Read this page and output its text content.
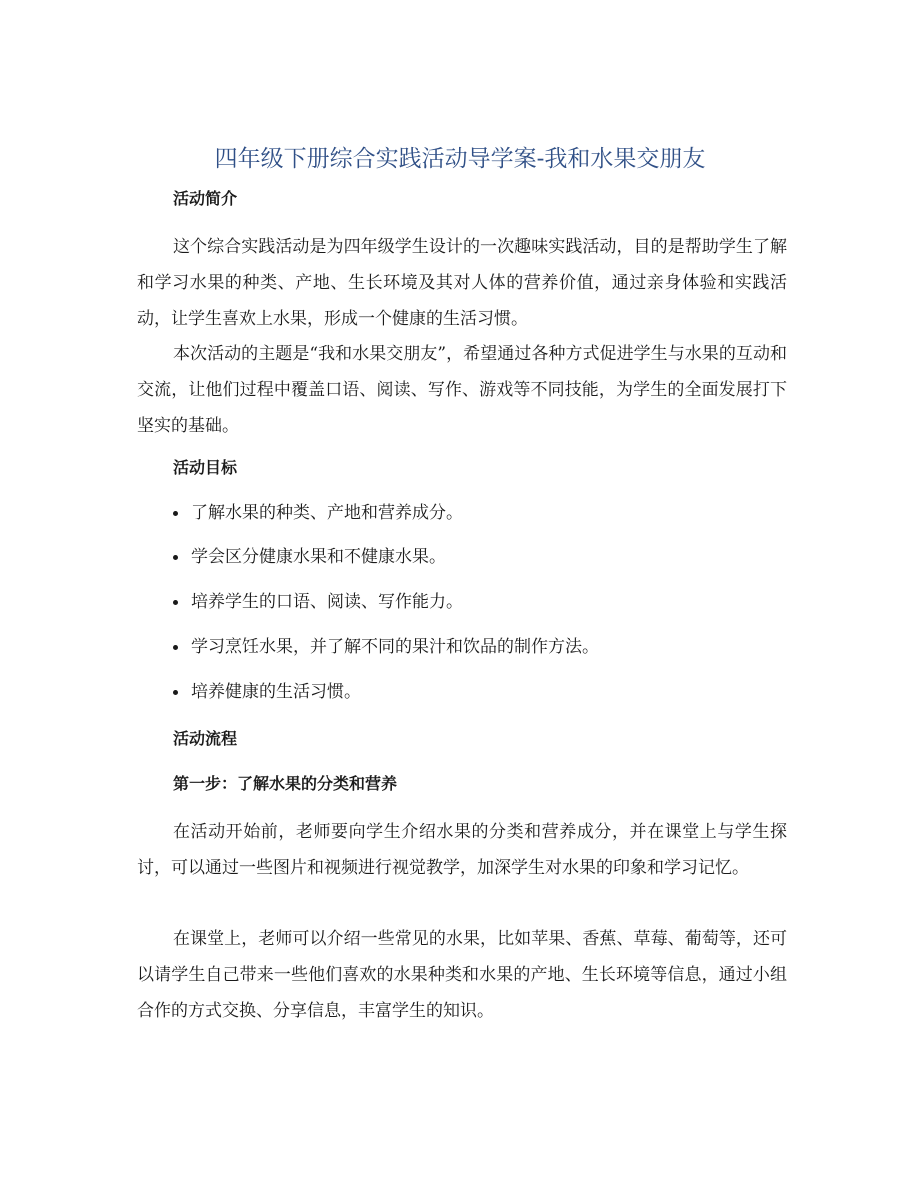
四年级下册综合实践活动导学案-我和水果交朋友
活动简介

这个综合实践活动是为四年级学生设计的一次趣味实践活动，目的是帮助学生了解和学习水果的种类、产地、生长环境及其对人体的营养价值，通过亲身体验和实践活动，让学生喜欢上水果，形成一个健康的生活习惯。

本次活动的主题是“我和水果交朋友”，希望通过各种方式促进学生与水果的互动和交流，让他们过程中覆盖口语、阅读、写作、游戏等不同技能，为学生的全面发展打下坚实的基础。

活动目标
了解水果的种类、产地和营养成分。
学会区分健康水果和不健康水果。
培养学生的口语、阅读、写作能力。
学习烹饪水果，并了解不同的果汁和饮品的制作方法。
培养健康的生活习惯。
活动流程
第一步：了解水果的分类和营养

在活动开始前，老师要向学生介绍水果的分类和营养成分，并在课堂上与学生探讨，可以通过一些图片和视频进行视觉教学，加深学生对水果的印象和学习记忆。

在课堂上，老师可以介绍一些常见的水果，比如苹果、香蕉、草莓、葡萄等，还可以请学生自己带来一些他们喜欢的水果种类和水果的产地、生长环境等信息，通过小组合作的方式交换、分享信息，丰富学生的知识。
